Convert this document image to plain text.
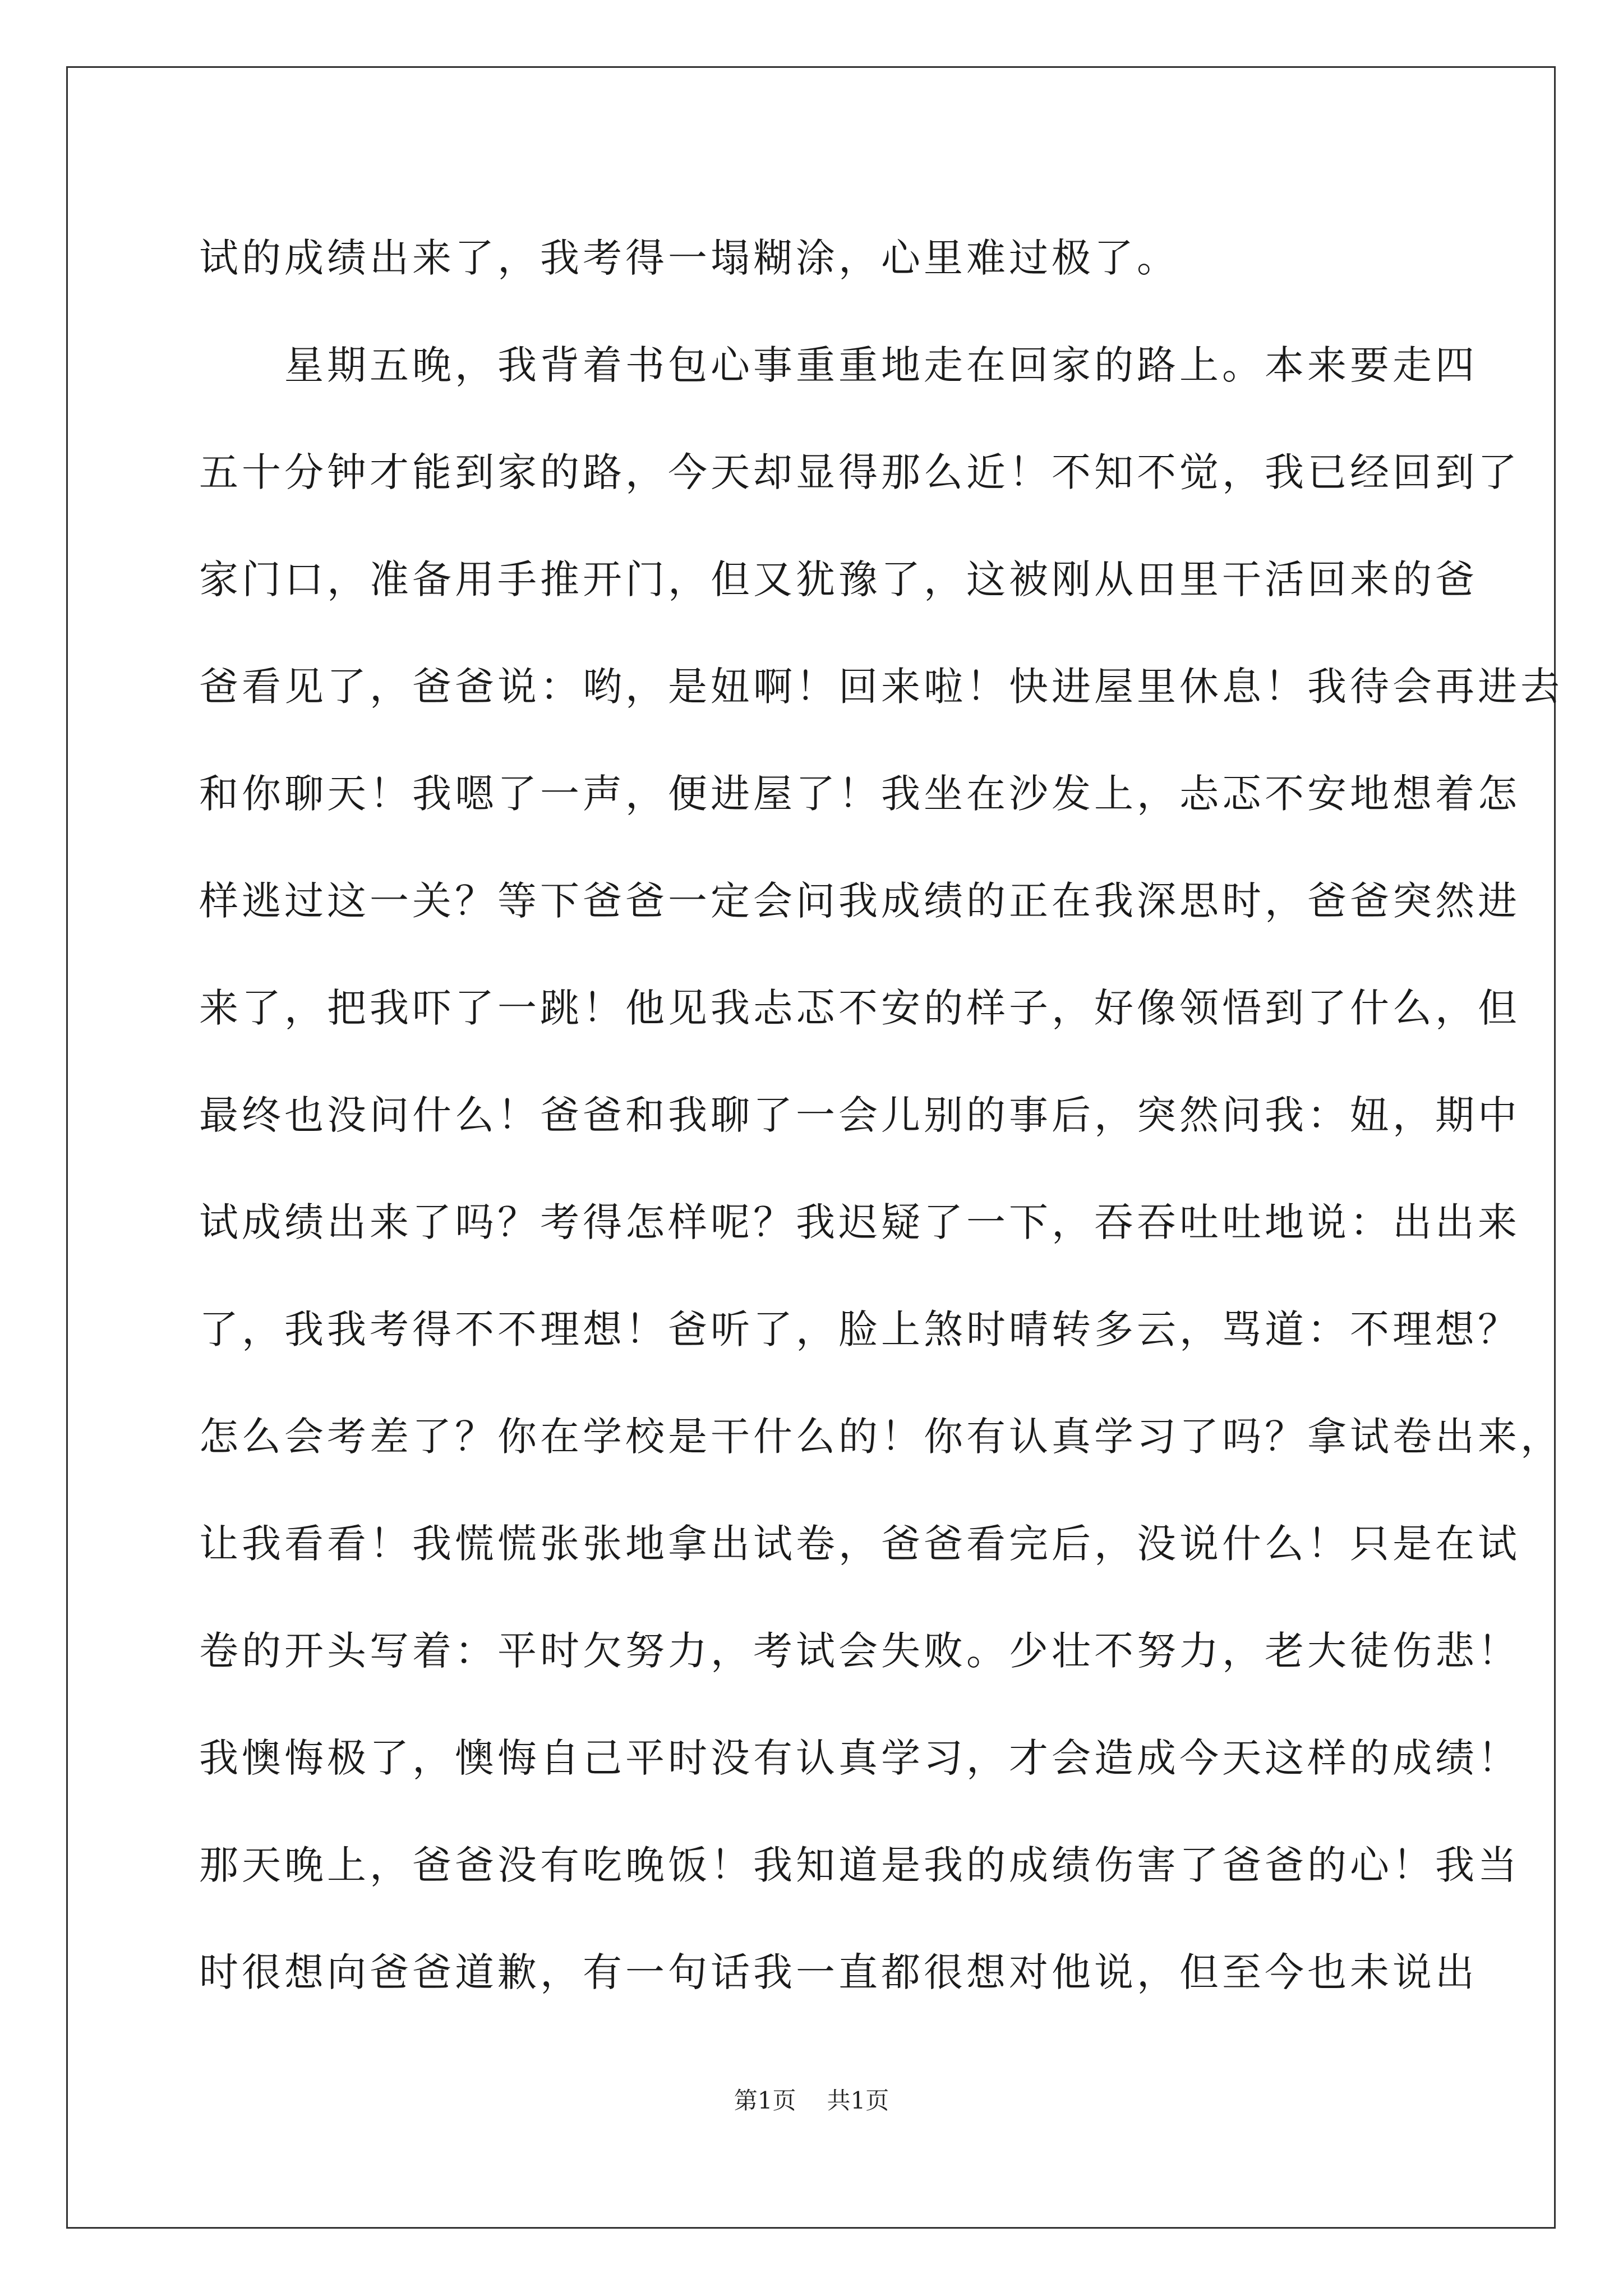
试的成绩出来了，我考得一塌糊涂，心里难过极了。
　　星期五晚，我背着书包心事重重地走在回家的路上。本来要走四
五十分钟才能到家的路，今天却显得那么近！不知不觉，我已经回到了
家门口，准备用手推开门，但又犹豫了，这被刚从田里干活回来的爸
爸看见了，爸爸说：哟，是妞啊！回来啦！快进屋里休息！我待会再进去
和你聊天！我嗯了一声，便进屋了！我坐在沙发上，忐忑不安地想着怎
样逃过这一关？等下爸爸一定会问我成绩的正在我深思时，爸爸突然进
来了，把我吓了一跳！他见我忐忑不安的样子，好像领悟到了什么，但
最终也没问什么！爸爸和我聊了一会儿别的事后，突然问我：妞，期中
试成绩出来了吗？考得怎样呢？我迟疑了一下，吞吞吐吐地说：出出来
了，我我考得不不理想！爸听了，脸上煞时晴转多云，骂道：不理想？
怎么会考差了？你在学校是干什么的！你有认真学习了吗？拿试卷出来，
让我看看！我慌慌张张地拿出试卷，爸爸看完后，没说什么！只是在试
卷的开头写着：平时欠努力，考试会失败。少壮不努力，老大徒伤悲！
我懊悔极了，懊悔自己平时没有认真学习，才会造成今天这样的成绩！
那天晚上，爸爸没有吃晚饭！我知道是我的成绩伤害了爸爸的心！我当
时很想向爸爸道歉，有一句话我一直都很想对他说，但至今也未说出
第1页 共1页
